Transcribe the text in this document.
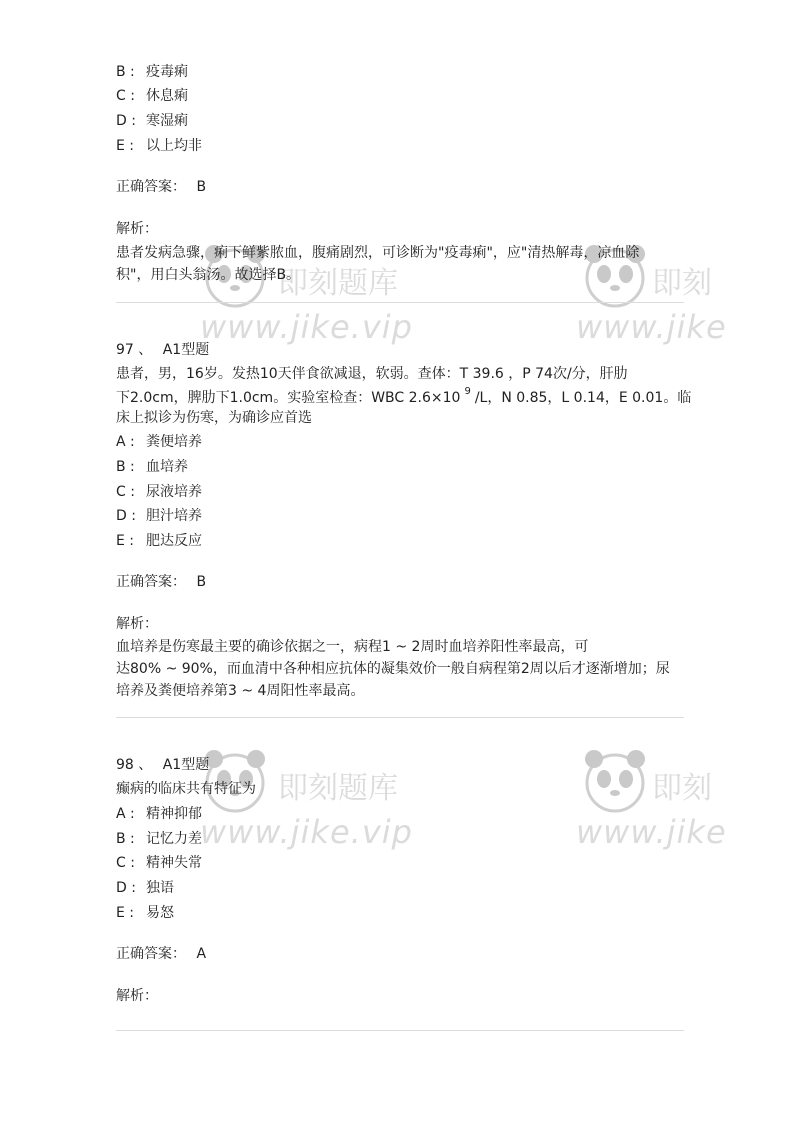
即刻题库
www.jike.vip
即刻
www.jike
即刻题库
www.jike.vip
即刻
www.jike
B : 疫毒痢
C : 休息痢
D : 寒湿痢
E : 以上均非
正确答案： B
解析：
患者发病急骤，痢下鲜紫脓血，腹痛剧烈，可诊断为"疫毒痢"，应"清热解毒，凉血除
积"，用白头翁汤。故选择B。
97 、 A1型题
患者，男，16岁。发热10天伴食欲减退，软弱。查体：T 39.6 ，P 74次/分，肝肋
下2.0cm，脾肋下1.0cm。实验室检查：WBC 2.6×10 $^9$ /L，N 0.85，L 0.14，E 0.01。临
床上拟诊为伤寒，为确诊应首选
A : 粪便培养
B : 血培养
C : 尿液培养
D : 胆汁培养
E : 肥达反应
正确答案： B
解析：
血培养是伤寒最主要的确诊依据之一，病程1 ~ 2周时血培养阳性率最高，可
达80% ~ 90%，而血清中各种相应抗体的凝集效价一般自病程第2周以后才逐渐增加；尿
培养及粪便培养第3 ~ 4周阳性率最高。
98 、 A1型题
癫病的临床共有特征为
A : 精神抑郁
B : 记忆力差
C : 精神失常
D : 独语
E : 易怒
正确答案： A
解析：
